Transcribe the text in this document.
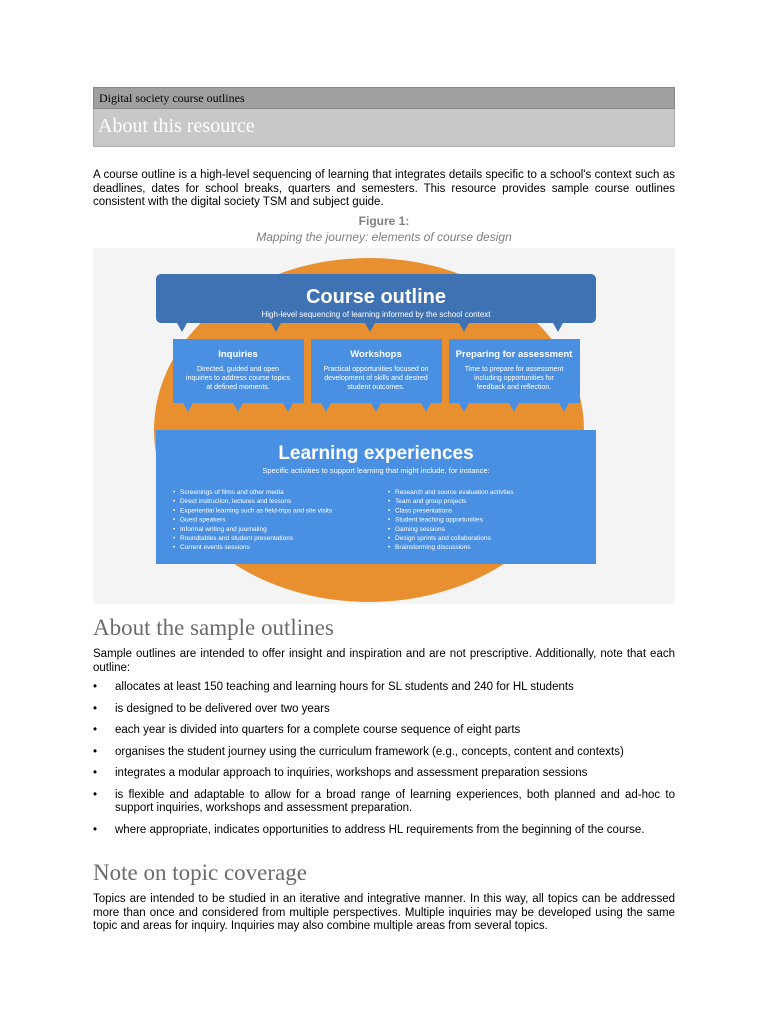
Digital society course outlines
About this resource

A course outline is a high-level sequencing of learning that integrates details specific to a school's context such as deadlines, dates for school breaks, quarters and semesters. This resource provides sample course outlines consistent with the digital society TSM and subject guide.

Figure 1:
Mapping the journey: elements of course design
Course outline
High-level sequencing of learning informed by the school context
Inquiries
Directed, guided and open
inquiries to address course topics
at defined moments.
Workshops
Practical opportunities focused on
development of skills and desired
student outcomes.
Preparing for assessment
Time to prepare for assessment
including opportunities for
feedback and reflection.
Learning experiences
Specific activities to support learning that might include, for instance:
• Screenings of films and other media
• Direct instruction, lectures and lessons
• Experiential learning such as field-trips and site visits
• Guest speakers
• Informal writing and journaling
• Roundtables and student presentations
• Current events sessions
• Research and source evaluation activties
• Team and group projects
• Class presentations
• Student teaching opportunities
• Gaming sessions
• Design sprints and collaborations
• Brainstorming discussions
About the sample outlines

Sample outlines are intended to offer insight and inspiration and are not prescriptive. Additionally, note that each outline:

• allocates at least 150 teaching and learning hours for SL students and 240 for HL students
• is designed to be delivered over two years
• each year is divided into quarters for a complete course sequence of eight parts
• organises the student journey using the curriculum framework (e.g., concepts, content and contexts)
• integrates a modular approach to inquiries, workshops and assessment preparation sessions
• is flexible and adaptable to allow for a broad range of learning experiences, both planned and ad-hoc to support inquiries, workshops and assessment preparation.
• where appropriate, indicates opportunities to address HL requirements from the beginning of the course.
Note on topic coverage

Topics are intended to be studied in an iterative and integrative manner. In this way, all topics can be addressed more than once and considered from multiple perspectives. Multiple inquiries may be developed using the same topic and areas for inquiry. Inquiries may also combine multiple areas from several topics.
